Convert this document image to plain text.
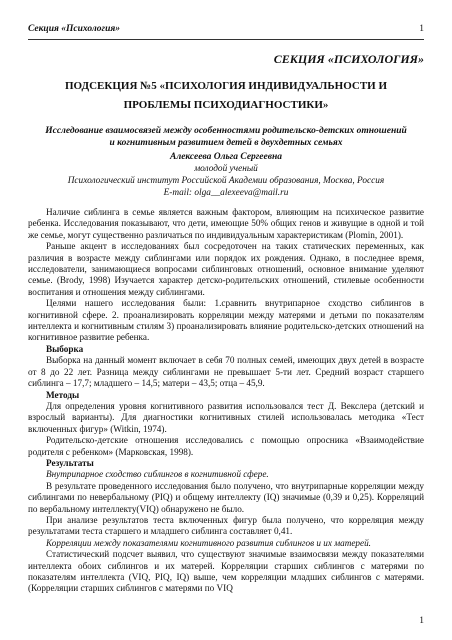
Секция «Психология»	1
СЕКЦИЯ «ПСИХОЛОГИЯ»
ПОДСЕКЦИЯ №5 «ПСИХОЛОГИЯ ИНДИВИДУАЛЬНОСТИ И ПРОБЛЕМЫ ПСИХОДИАГНОСТИКИ»
Исследование взаимосвязей между особенностями родительско-детских отношений
и когнитивным развитием детей в двухдетных семьях
Алексеева Ольга Сергеевна
молодой ученый
Психологический институт Российской Академии образования, Москва, Россия
E-mail: olga__alexeeva@mail.ru

Наличие сиблинга в семье является важным фактором, влияющим на психическое развитие ребенка. Исследования показывают, что дети, имеющие 50% общих генов и живущие в одной и той же семье, могут существенно различаться по индивидуальным характеристикам (Plomin, 2001).

Раньше акцент в исследованиях был сосредоточен на таких статических переменных, как различия в возрасте между сиблингами или порядок их рождения. Однако, в последнее время, исследователи, занимающиеся вопросами сиблинговых отношений, основное внимание уделяют семье. (Brody, 1998) Изучается характер детско-родительских отношений, стилевые особенности воспитания и отношения между сиблингами.

Целями нашего исследования были: 1.сравнить внутрипарное сходство сиблингов в когнитивной сфере. 2. проанализировать корреляции между матерями и детьми по показателям интеллекта и когнитивным стилям 3) проанализировать влияние родительско-детских отношений на когнитивное развитие ребенка.

Выборка

Выборка на данный момент включает в себя 70 полных семей, имеющих двух детей в возрасте от 8 до 22 лет. Разница между сиблингами не превышает 5-ти лет. Средний возраст старшего сиблинга – 17,7; младшего – 14,5; матери – 43,5; отца – 45,9.

Методы

Для определения уровня когнитивного развития использовался тест Д. Векслера (детский и взрослый варианты). Для диагностики когнитивных стилей использовалась методика «Тест включенных фигур» (Witkin, 1974).

Родительско-детские отношения исследовались с помощью опросника «Взаимодействие родителя с ребенком» (Марковская, 1998).

Результаты

Внутрипарное сходство сиблингов в когнитивной сфере.

В результате проведенного исследования было получено, что внутрипарные корреляции между сиблингами по невербальному (PIQ) и общему интеллекту (IQ) значимые (0,39 и 0,25). Корреляций по вербальному интеллекту(VIQ) обнаружено не было.

При анализе результатов теста включенных фигур была получено, что корреляция между результатами теста старшего и младшего сиблинга составляет 0,41.

Корреляции между показателями когнитивного развития сиблингов и их матерей.

Статистический подсчет выявил, что существуют значимые взаимосвязи между показателями интеллекта обоих сиблингов и их матерей. Корреляции старших сиблингов с матерями по показателям интеллекта (VIQ, PIQ, IQ) выше, чем корреляции младших сиблингов с матерями. (Корреляции старших сиблингов с матерями по VIQ

1
